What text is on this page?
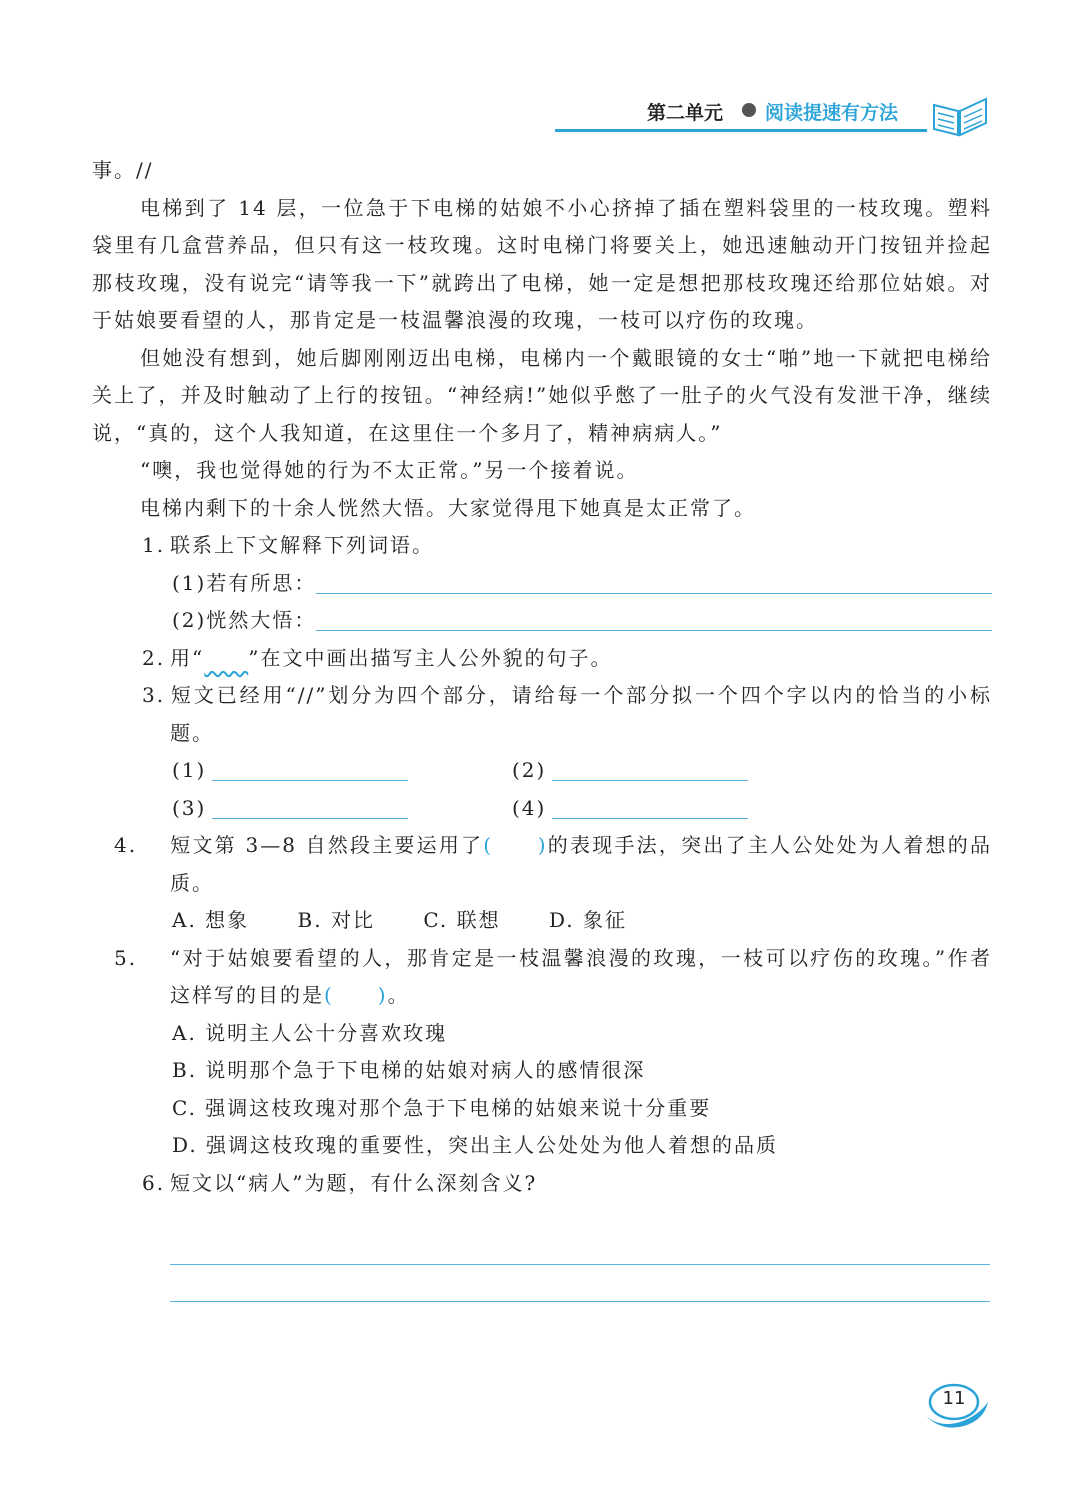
第二单元 阅读提速有方法

事。//

电梯到了 14 层，一位急于下电梯的姑娘不小心挤掉了插在塑料袋里的一枝玫瑰。塑料袋里有几盒营养品，但只有这一枝玫瑰。这时电梯门将要关上，她迅速触动开门按钮并捡起那枝玫瑰，没有说完“请等我一下”就跨出了电梯，她一定是想把那枝玫瑰还给那位姑娘。对于姑娘要看望的人，那肯定是一枝温馨浪漫的玫瑰，一枝可以疗伤的玫瑰。

但她没有想到，她后脚刚刚迈出电梯，电梯内一个戴眼镜的女士“啪”地一下就把电梯给关上了，并及时触动了上行的按钮。“神经病!”她似乎憋了一肚子的火气没有发泄干净，继续说，“真的，这个人我知道，在这里住一个多月了，精神病病人。”

“噢，我也觉得她的行为不太正常。”另一个接着说。

电梯内剩下的十余人恍然大悟。大家觉得甩下她真是太正常了。

1. 联系上下文解释下列词语。

(1)若有所思：
(2)恍然大悟：

2. 用“　　 ”在文中画出描写主人公外貌的句子。

3. 短文已经用“//”划分为四个部分，请给每一个部分拟一个四个字以内的恰当的小标题。

(1)	(2)
(3)	(4)

4. 短文第 3—8 自然段主要运用了(　　)的表现手法，突出了主人公处处为人着想的品质。

A. 想象 B. 对比 C. 联想 D. 象征

5. “对于姑娘要看望的人，那肯定是一枝温馨浪漫的玫瑰，一枝可以疗伤的玫瑰。”作者这样写的目的是(　　)。

A. 说明主人公十分喜欢玫瑰

B. 说明那个急于下电梯的姑娘对病人的感情很深

C. 强调这枝玫瑰对那个急于下电梯的姑娘来说十分重要

D. 强调这枝玫瑰的重要性，突出主人公处处为他人着想的品质

6. 短文以“病人”为题，有什么深刻含义?

11
